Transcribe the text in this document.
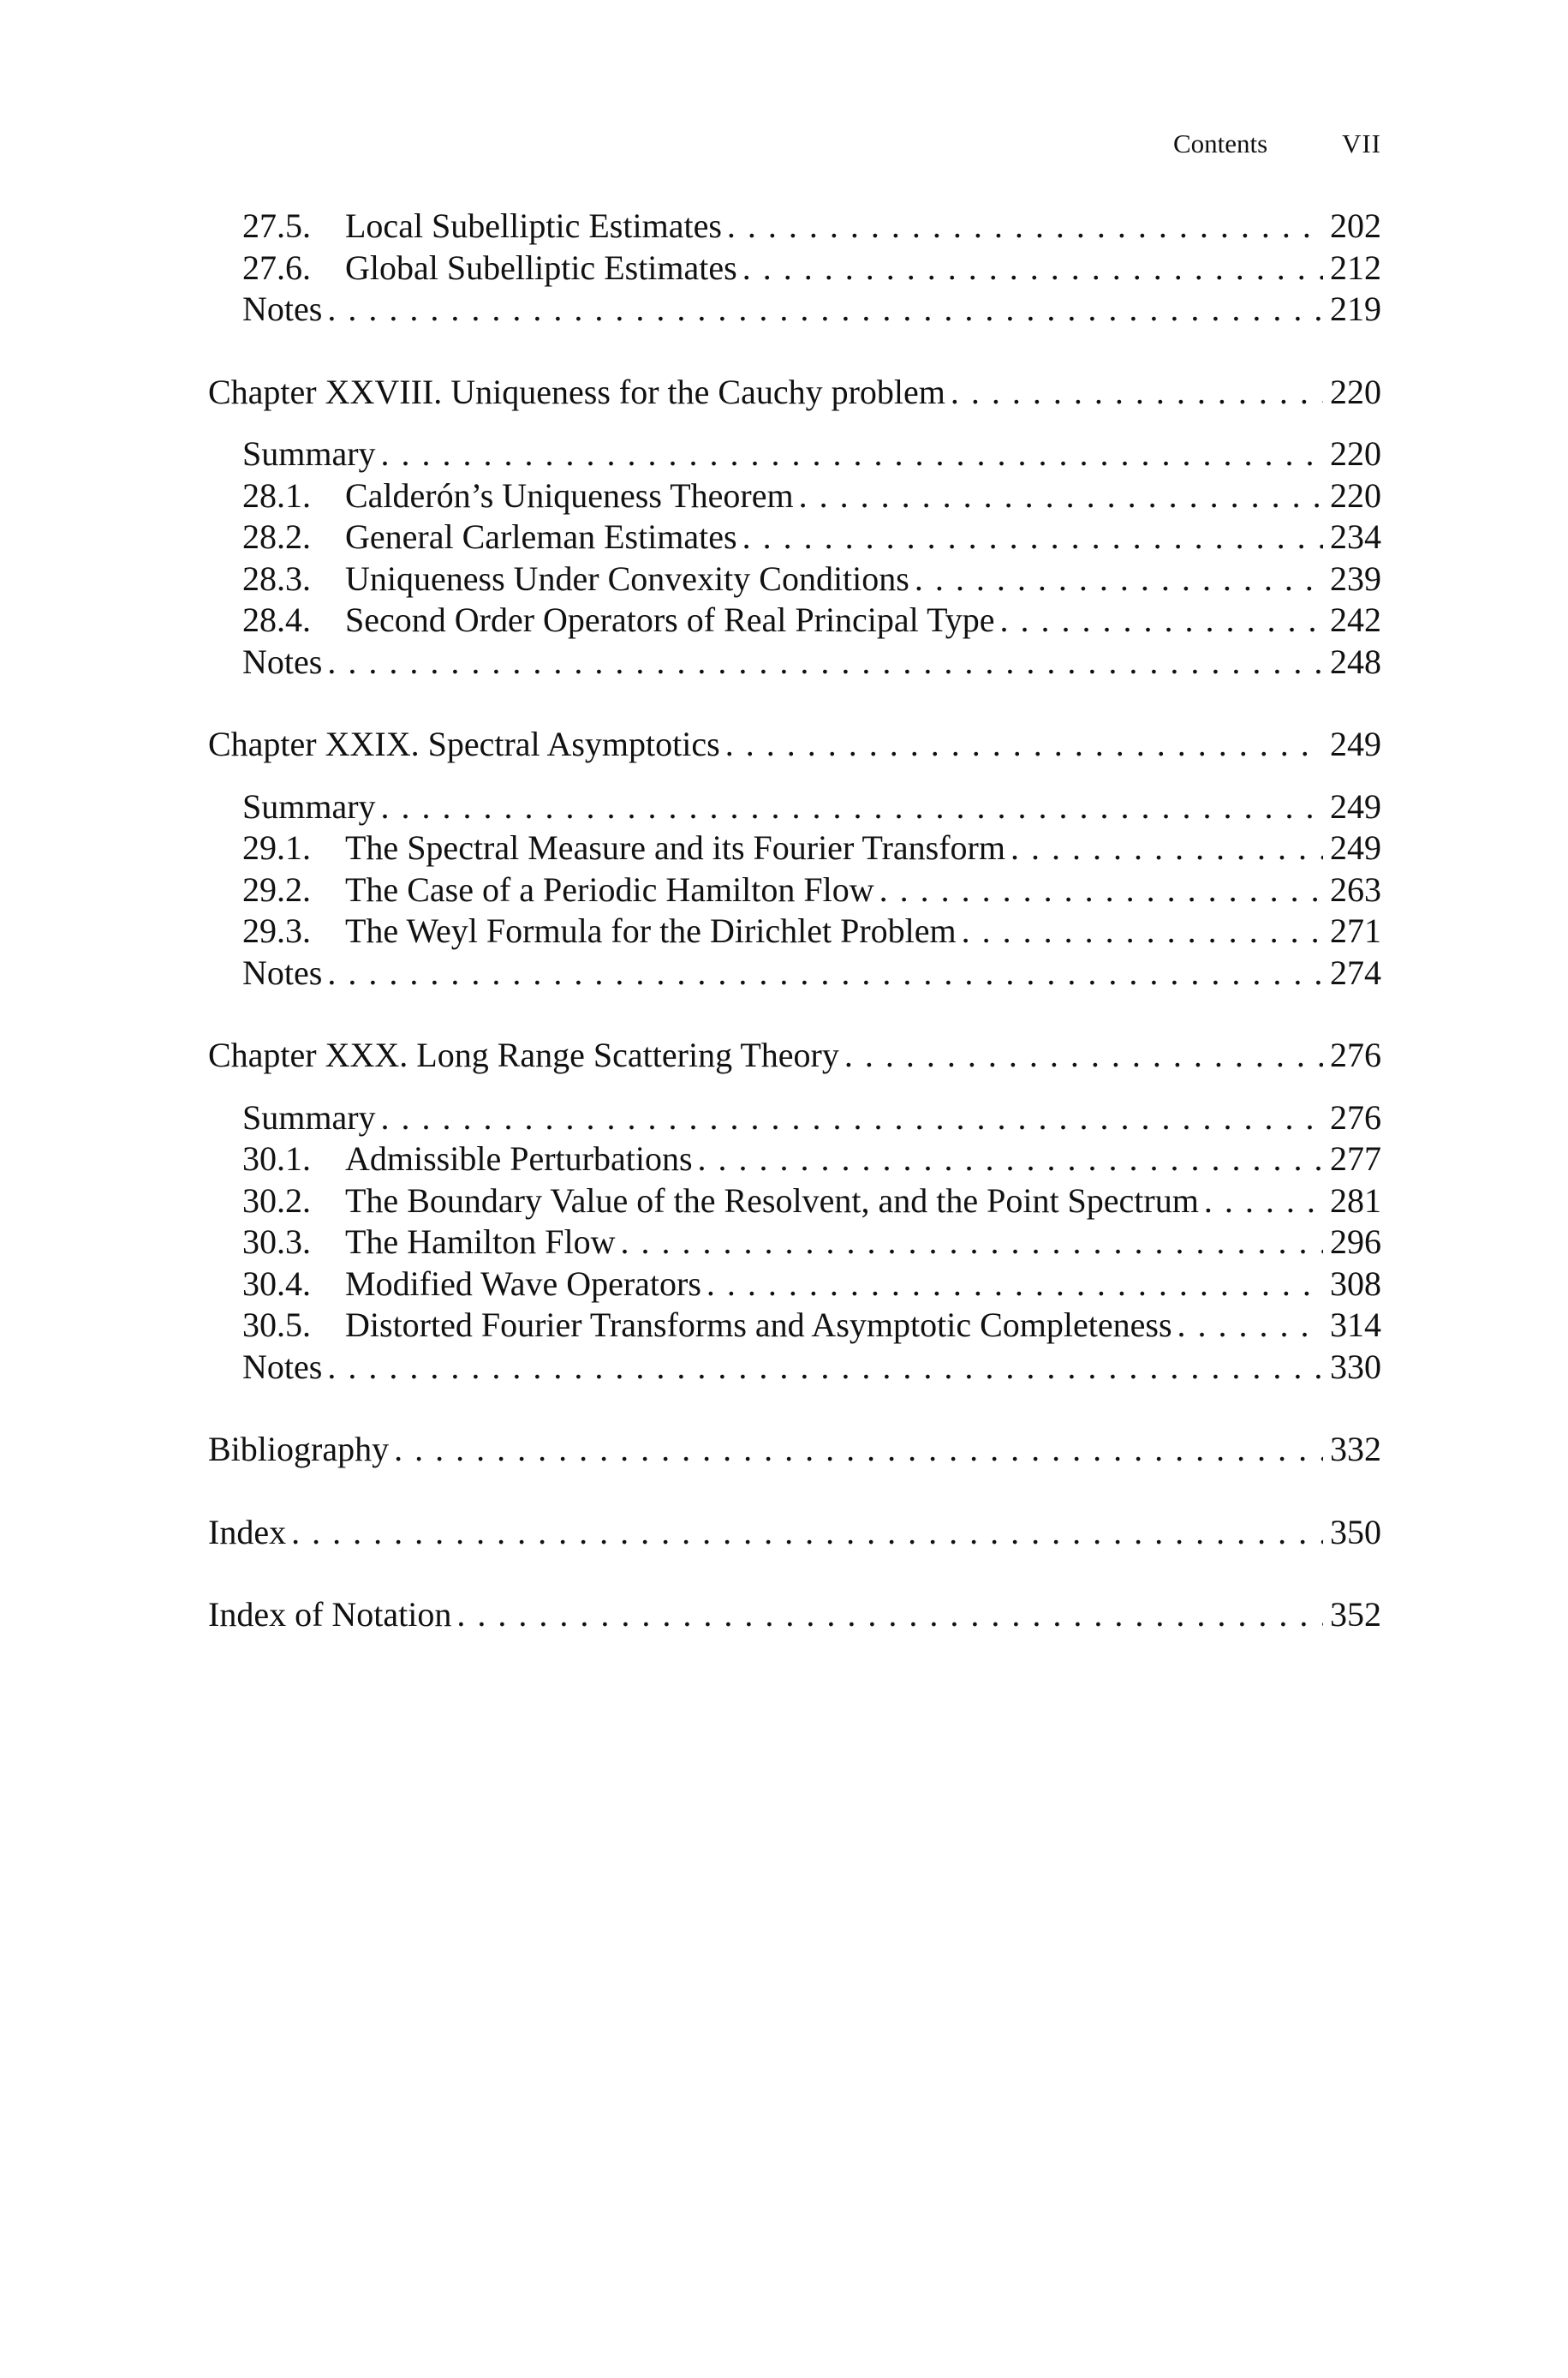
Contents	VII
27.5.	Local Subelliptic Estimates . . .	202
27.6.	Global Subelliptic Estimates . . .	212
Notes . . .	219
Chapter XXVIII. Uniqueness for the Cauchy problem . . .	220
Summary . . .	220
28.1.	Calderón’s Uniqueness Theorem . . .	220
28.2.	General Carleman Estimates . . .	234
28.3.	Uniqueness Under Convexity Conditions . . .	239
28.4.	Second Order Operators of Real Principal Type . . .	242
Notes . . .	248
Chapter XXIX. Spectral Asymptotics . . .	249
Summary . . .	249
29.1.	The Spectral Measure and its Fourier Transform . . .	249
29.2.	The Case of a Periodic Hamilton Flow . . .	263
29.3.	The Weyl Formula for the Dirichlet Problem . . .	271
Notes . . .	274
Chapter XXX. Long Range Scattering Theory . . .	276
Summary . . .	276
30.1.	Admissible Perturbations . . .	277
30.2.	The Boundary Value of the Resolvent, and the Point Spectrum . . .	281
30.3.	The Hamilton Flow . . .	296
30.4.	Modified Wave Operators . . .	308
30.5.	Distorted Fourier Transforms and Asymptotic Completeness . . .	314
Notes . . .	330
Bibliography . . .	332
Index . . .	350
Index of Notation . . .	352
